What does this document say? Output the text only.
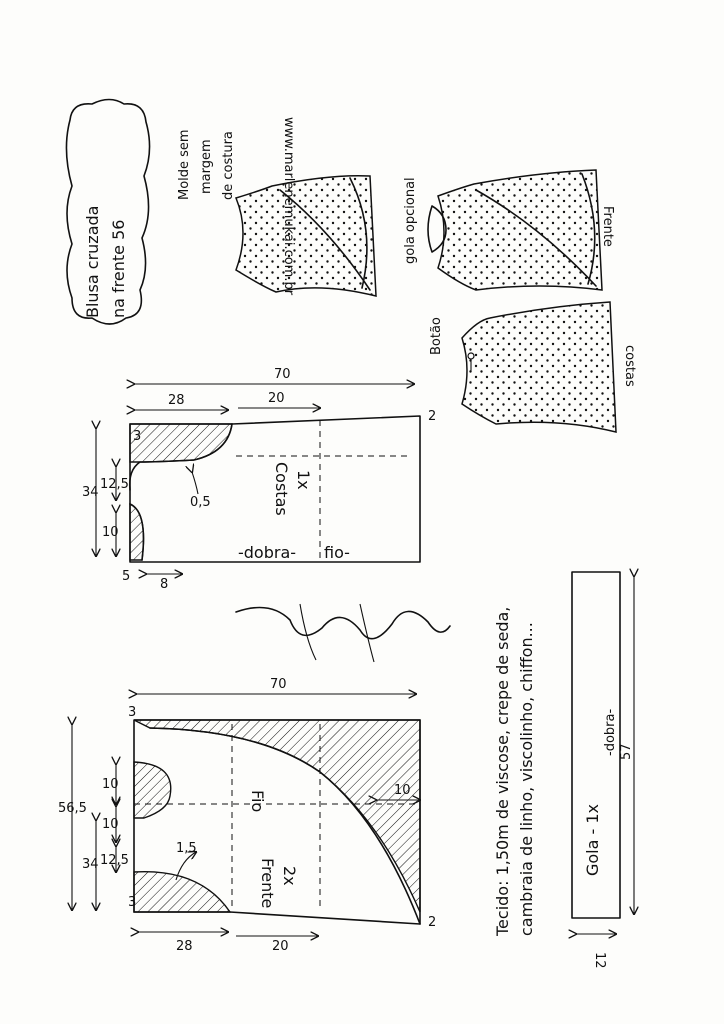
Blusa cruzada na frente 56
Molde sem margem de costura
gola opcional	Frente
Botão
costas
Costas 1x
-dobra- fio-
70
28	20
2
34
3
12,5
10
5
8
0,5
Marlene Mukai
Fio
Frente 2x
70
3
56,5
34 12,5
10
10
3
1,5
10
28	20
2	Tecido: 1,50m de viscose, crepe de seda, cambraia de linho, viscolinho, chiffon...	Gola - 1x
-dobra- 57
12
